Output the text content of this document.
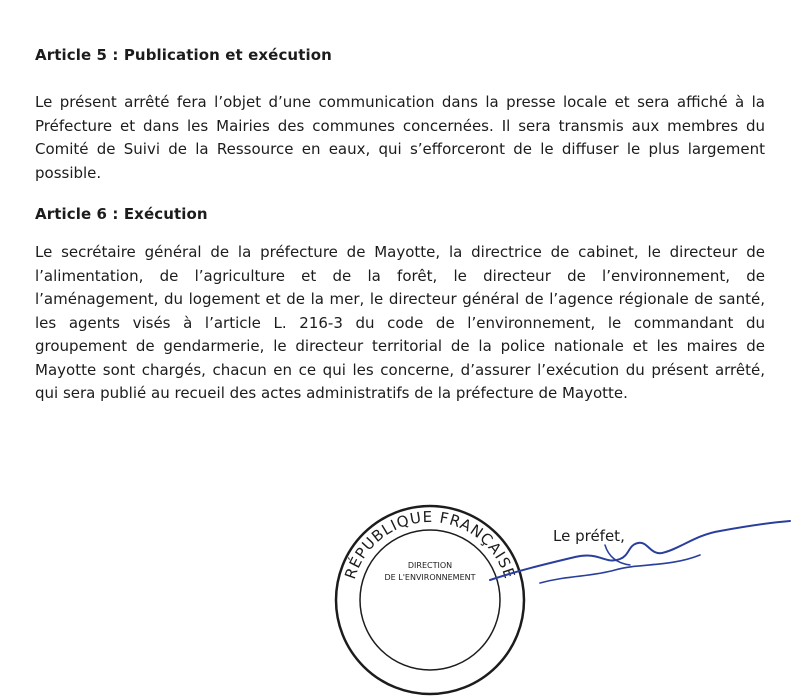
Article 5 : Publication et exécution

Le présent arrêté fera l’objet d’une communication dans la presse locale et sera affiché à la
Préfecture et dans les Mairies des communes concernées. Il sera transmis aux membres du
Comité de Suivi de la Ressource en eaux, qui s’efforceront de le diffuser le plus largement
possible.

Article 6 : Exécution

Le secrétaire général de la préfecture de Mayotte, la directrice de cabinet, le directeur de
l’alimentation, de l’agriculture et de la forêt, le directeur de l’environnement, de
l’aménagement, du logement et de la mer, le directeur général de l’agence régionale de santé,
les agents visés à l’article L. 216-3 du code de l’environnement, le commandant du
groupement de gendarmerie, le directeur territorial de la police nationale et les maires de
Mayotte sont chargés, chacun en ce qui les concerne, d’assurer l’exécution du présent arrêté,
qui sera publié au recueil des actes administratifs de la préfecture de Mayotte.

RÉPUBLIQUE FRANÇAISE
DIRECTION
DE L'ENVIRONNEMENT

Le préfet,
